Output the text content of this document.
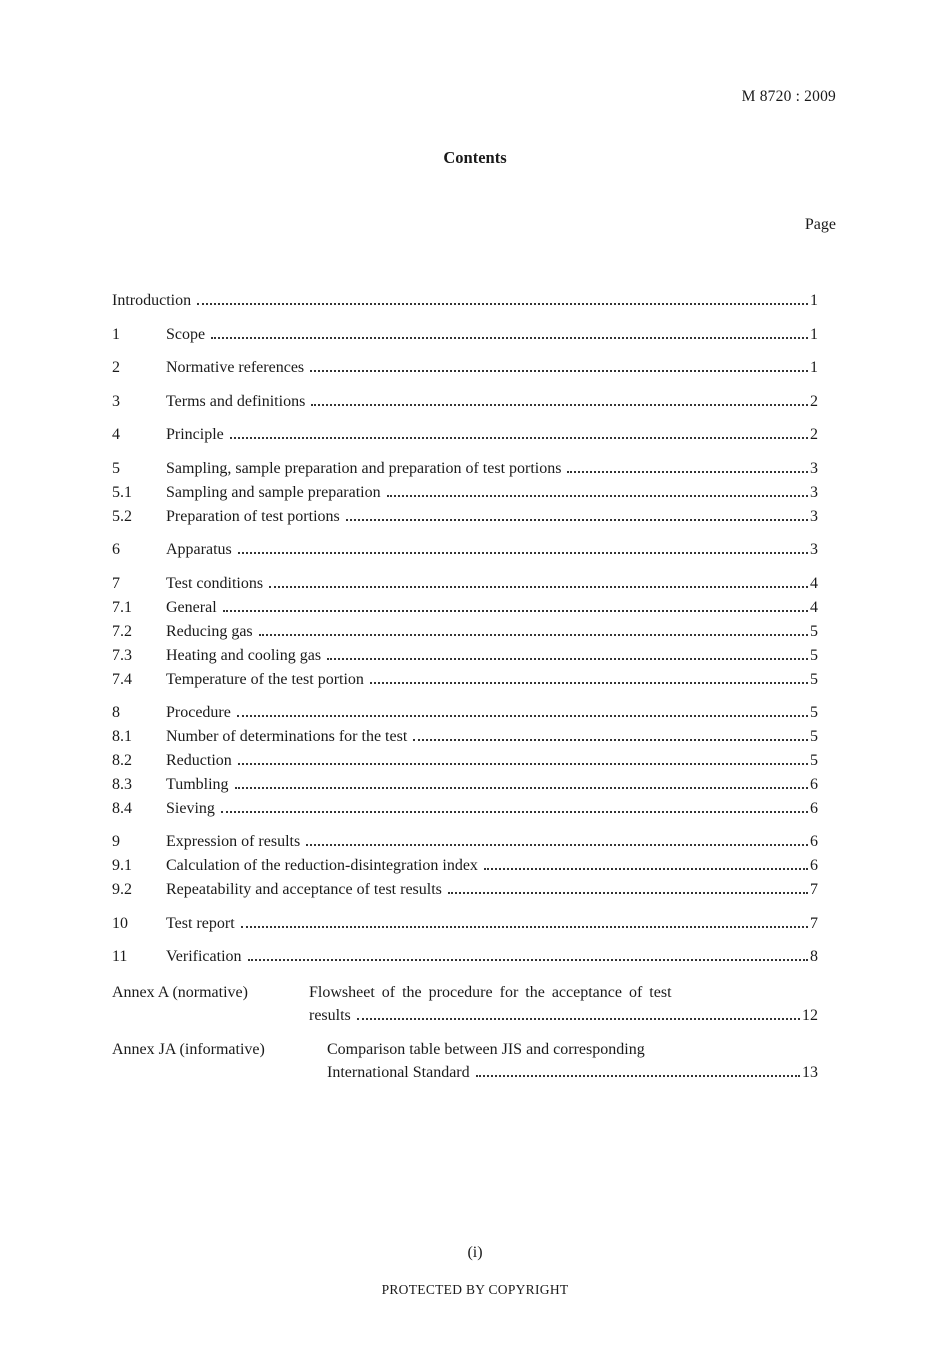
M 8720 : 2009
Contents
Page
Introduction	1
1	Scope	1
2	Normative references	1
3	Terms and definitions	2
4	Principle	2
5	Sampling, sample preparation and preparation of test portions	3
5.1	Sampling and sample preparation	3
5.2	Preparation of test portions	3
6	Apparatus	3
7	Test conditions	4
7.1	General	4
7.2	Reducing gas	5
7.3	Heating and cooling gas	5
7.4	Temperature of the test portion	5
8	Procedure	5
8.1	Number of determinations for the test	5
8.2	Reduction	5
8.3	Tumbling	6
8.4	Sieving	6
9	Expression of results	6
9.1	Calculation of the reduction-disintegration index	6
9.2	Repeatability and acceptance of test results	7
10	Test report	7
11	Verification	8
Annex A (normative)	Flowsheet of the procedure for the acceptance of test
results	12
Annex JA (informative)	Comparison table between JIS and corresponding
International Standard	13
(i)
PROTECTED BY COPYRIGHT
